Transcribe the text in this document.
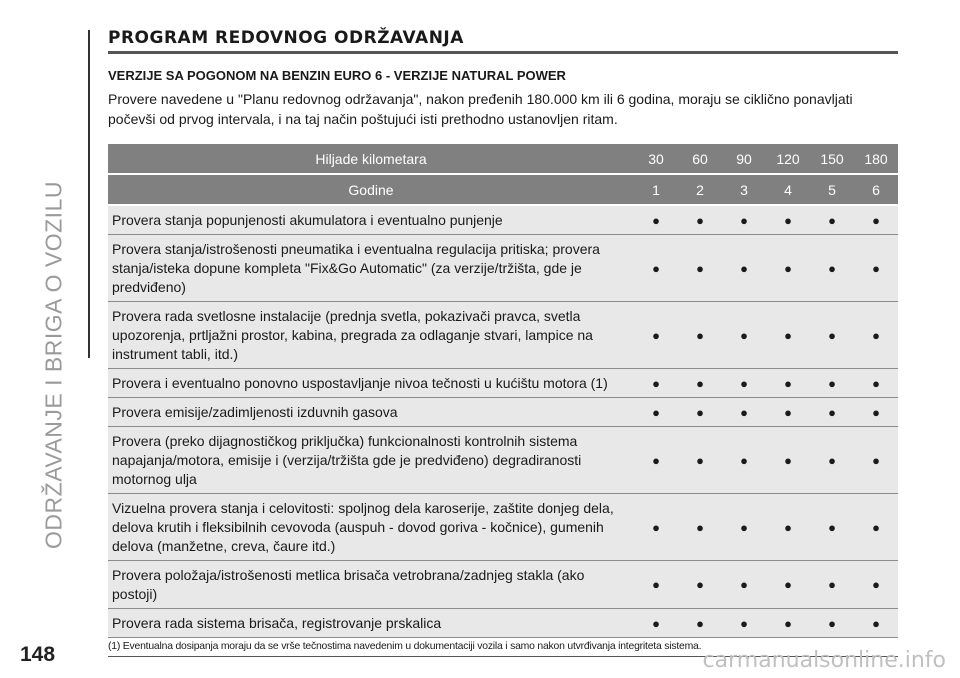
ODRŽAVANJE I BRIGA O VOZILU
PROGRAM REDOVNOG ODRŽAVANJA
VERZIJE SA POGONOM NA BENZIN EURO 6 - VERZIJE NATURAL POWER
Provere navedene u "Planu redovnog održavanja", nakon pređenih 180.000 km ili 6 godina, moraju se ciklično ponavljati počevši od prvog intervala, i na taj način poštujući isti prethodno ustanovljen ritam.
Hiljade kilometara	30	60	90	120	150	180
Godine	1	2	3	4	5	6
Provera stanja popunjenosti akumulatora i eventualno punjenje	●	●	●	●	●	●
Provera stanja/istrošenosti pneumatika i eventualna regulacija pritiska; provera stanja/isteka dopune kompleta "Fix&Go Automatic" (za verzije/tržišta, gde je predviđeno)	●	●	●	●	●	●
Provera rada svetlosne instalacije (prednja svetla, pokazivači pravca, svetla upozorenja, prtljažni prostor, kabina, pregrada za odlaganje stvari, lampice na instrument tabli, itd.)	●	●	●	●	●	●
Provera i eventualno ponovno uspostavljanje nivoa tečnosti u kućištu motora (1)	●	●	●	●	●	●
Provera emisije/zadimljenosti izduvnih gasova	●	●	●	●	●	●
Provera (preko dijagnostičkog priključka) funkcionalnosti kontrolnih sistema napajanja/motora, emisije i (verzija/tržišta gde je predviđeno) degradiranosti motornog ulja	●	●	●	●	●	●
Vizuelna provera stanja i celovitosti: spoljnog dela karoserije, zaštite donjeg dela, delova krutih i fleksibilnih cevovoda (auspuh - dovod goriva - kočnice), gumenih delova (manžetne, creva, čaure itd.)	●	●	●	●	●	●
Provera položaja/istrošenosti metlica brisača vetrobrana/zadnjeg stakla (ako postoji)	●	●	●	●	●	●
Provera rada sistema brisača, registrovanje prskalica	●	●	●	●	●	●
(1) Eventualna dosipanja moraju da se vrše tečnostima navedenim u dokumentaciji vozila i samo nakon utvrđivanja integriteta sistema.
148	carmanualsonline.info
